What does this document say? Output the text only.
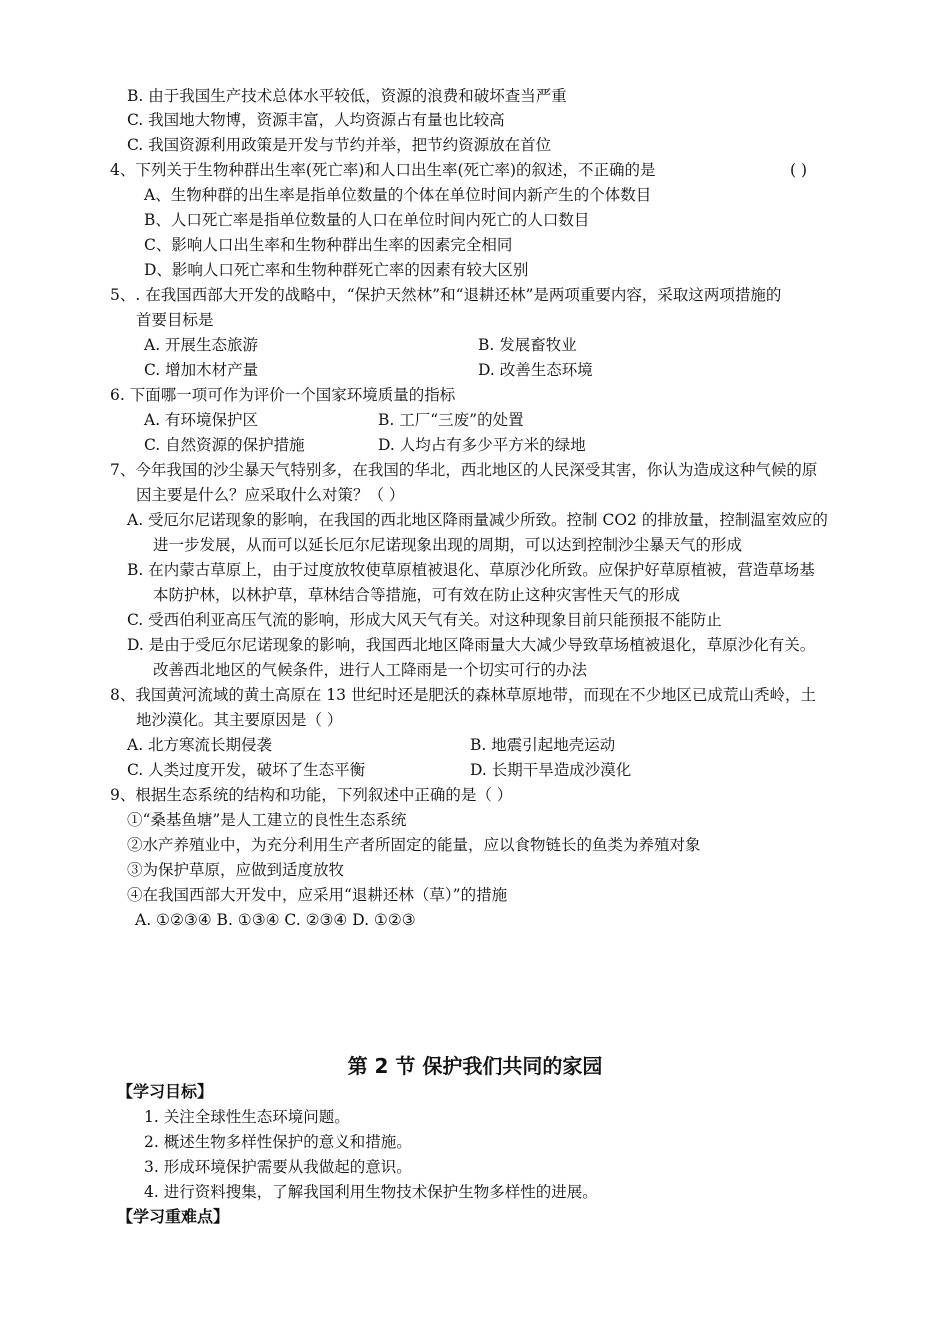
B. 由于我国生产技术总体水平较低，资源的浪费和破坏查当严重
C. 我国地大物博，资源丰富，人均资源占有量也比较高
C. 我国资源利用政策是开发与节约并举，把节约资源放在首位
4、下列关于生物种群出生率(死亡率)和人口出生率(死亡率)的叙述，不正确的是	( )
A、生物种群的出生率是指单位数量的个体在单位时间内新产生的个体数目
B、人口死亡率是指单位数量的人口在单位时间内死亡的人口数目
C、影响人口出生率和生物种群出生率的因素完全相同
D、影响人口死亡率和生物种群死亡率的因素有较大区别
5、. 在我国西部大开发的战略中，“保护天然林”和“退耕还林”是两项重要内容，采取这两项措施的
首要目标是
A. 开展生态旅游	B. 发展畜牧业
C. 增加木材产量	D. 改善生态环境
6. 下面哪一项可作为评价一个国家环境质量的指标
A. 有环境保护区	B. 工厂“三废”的处置
C. 自然资源的保护措施	D. 人均占有多少平方米的绿地
7、今年我国的沙尘暴天气特别多，在我国的华北，西北地区的人民深受其害，你认为造成这种气候的原
因主要是什么？应采取什么对策？（ ）
A. 受厄尔尼诺现象的影响，在我国的西北地区降雨量减少所致。控制 CO2 的排放量，控制温室效应的
进一步发展，从而可以延长厄尔尼诺现象出现的周期，可以达到控制沙尘暴天气的形成
B. 在内蒙古草原上，由于过度放牧使草原植被退化、草原沙化所致。应保护好草原植被，营造草场基
本防护林，以林护草，草林结合等措施，可有效在防止这种灾害性天气的形成
C. 受西伯利亚高压气流的影响，形成大风天气有关。对这种现象目前只能预报不能防止
D. 是由于受厄尔尼诺现象的影响，我国西北地区降雨量大大减少导致草场植被退化，草原沙化有关。
改善西北地区的气候条件，进行人工降雨是一个切实可行的办法
8、我国黄河流域的黄土高原在 13 世纪时还是肥沃的森林草原地带，而现在不少地区已成荒山秃岭，土
地沙漠化。其主要原因是（ ）
A. 北方寒流长期侵袭	B. 地震引起地壳运动
C. 人类过度开发，破坏了生态平衡	D. 长期干旱造成沙漠化
9、根据生态系统的结构和功能，下列叙述中正确的是（ ）
①“桑基鱼塘”是人工建立的良性生态系统
②水产养殖业中，为充分利用生产者所固定的能量，应以食物链长的鱼类为养殖对象
③为保护草原，应做到适度放牧
④在我国西部大开发中，应采用“退耕还林（草）”的措施
A. ①②③④ B. ①③④ C. ②③④ D. ①②③
第 2 节 保护我们共同的家园
【学习目标】
1. 关注全球性生态环境问题。
2. 概述生物多样性保护的意义和措施。
3. 形成环境保护需要从我做起的意识。
4. 进行资料搜集，了解我国利用生物技术保护生物多样性的进展。
【学习重难点】
